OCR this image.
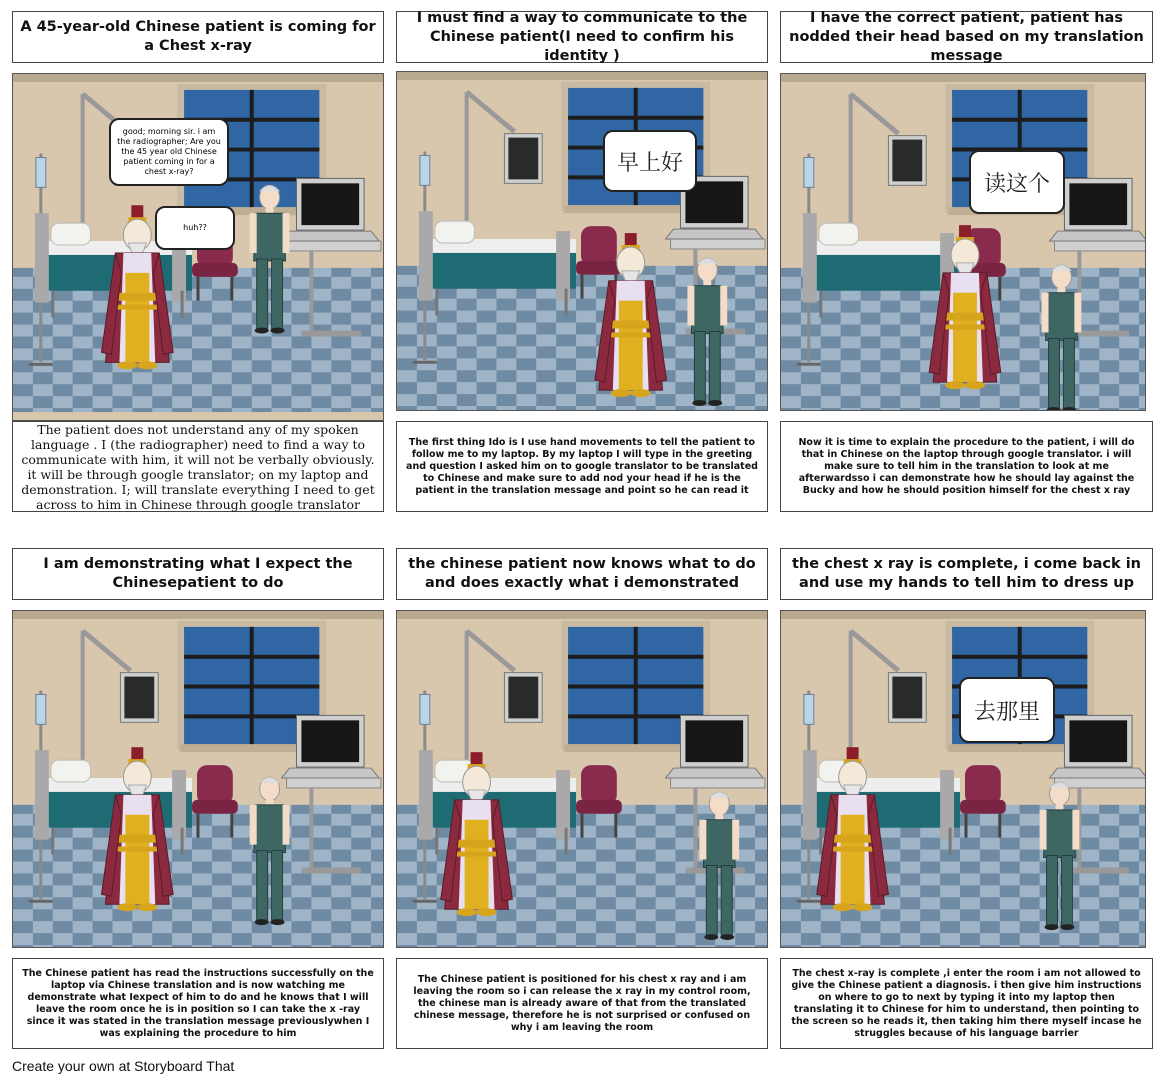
A 45-year-old Chinese patient is coming for a Chest x-ray
I must find a way to communicate to the Chinese patient(I need to confirm his identity )
I have the correct patient, patient has nodded their head based on my translation message
good; morning sir. i am the radiographer; Are you the 45 year old Chinese patient coming in for a chest x-ray?
huh??
早上好
读这个
The patient does not understand any of my spoken language . I (the radiographer) need to find a way to communicate with him, it will not be verbally obviously. it will be through google translator; on my laptop and demonstration. I; will translate everything I need to get across to him in Chinese through google translator
The first thing Ido is I use hand movements to tell the patient to follow me to my laptop. By my laptop I will type in the greeting and question I asked him on to google translator to be translated to Chinese and make sure to add nod your head if he is the patient in the translation message and point so he can read it
Now it is time to explain the procedure to the patient, i will do that in Chinese on the laptop through google translator. i will make sure to tell him in the translation to look at me afterwardsso i can demonstrate how he should lay against the Bucky and how he should position himself for the chest x ray
I am demonstrating what I expect the Chinesepatient to do
the chinese patient now knows what to do and does exactly what i demonstrated
the chest x ray is complete, i come back in and use my hands to tell him to dress up
去那里
The Chinese patient has read the instructions successfully on the laptop via Chinese translation and is now watching me demonstrate what Iexpect of him to do and he knows that I will leave the room once he is in position so I can take the x -ray since it was stated in the translation message previouslywhen I was explaining the procedure to him
The Chinese patient is positioned for his chest x ray and i am leaving the room so i can release the x ray in my control room, the chinese man is already aware of that from the translated chinese message, therefore he is not surprised or confused on why i am leaving the room
The chest x-ray is complete ,i enter the room i am not allowed to give the Chinese patient a diagnosis. i then give him instructions on where to go to next by typing it into my laptop then translating it to Chinese for him to understand, then pointing to the screen so he reads it, then taking him there myself incase he struggles because of his language barrier
Create your own at Storyboard That
